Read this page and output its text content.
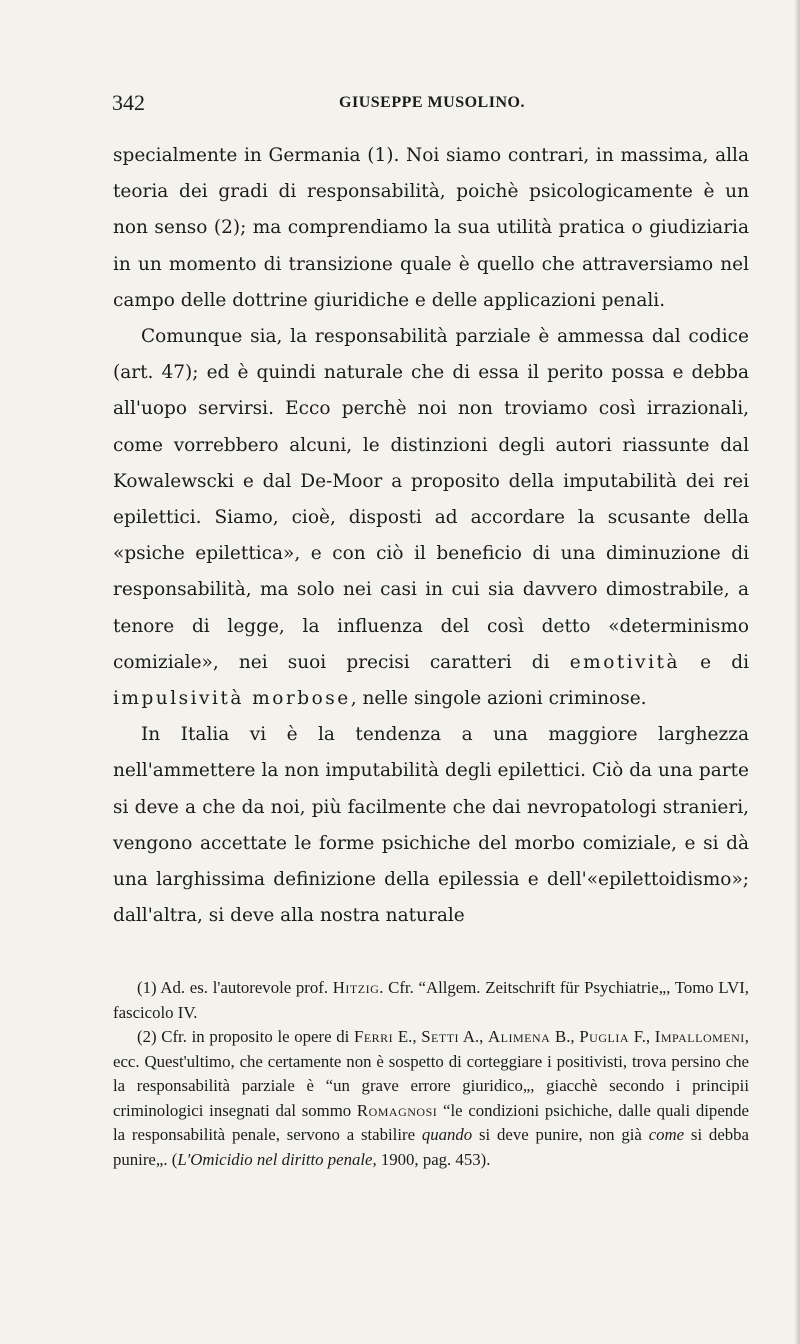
342	GIUSEPPE MUSOLINO.

specialmente in Germania (1). Noi siamo contrari, in massima, alla teoria dei gradi di responsabilità, poichè psicologicamente è un non senso (2); ma comprendiamo la sua utilità pratica o giudiziaria in un momento di transizione quale è quello che attraversiamo nel campo delle dottrine giuridiche e delle applicazioni penali.

Comunque sia, la responsabilità parziale è ammessa dal codice (art. 47); ed è quindi naturale che di essa il perito possa e debba all'uopo servirsi. Ecco perchè noi non troviamo così irrazionali, come vorrebbero alcuni, le distinzioni degli autori riassunte dal Kowalewscki e dal De-Moor a proposito della imputabilità dei rei epilettici. Siamo, cioè, disposti ad accordare la scusante della «psiche epilettica», e con ciò il beneficio di una diminuzione di responsabilità, ma solo nei casi in cui sia davvero dimostrabile, a tenore di legge, la influenza del così detto «determinismo comiziale», nei suoi precisi caratteri di emotività e di impulsività morbose, nelle singole azioni criminose.

In Italia vi è la tendenza a una maggiore larghezza nell'ammettere la non imputabilità degli epilettici. Ciò da una parte si deve a che da noi, più facilmente che dai nevropatologi stranieri, vengono accettate le forme psichiche del morbo comiziale, e si dà una larghissima definizione della epilessia e dell'«epilettoidismo»; dall'altra, si deve alla nostra naturale

(1) Ad. es. l'autorevole prof. Hitzig. Cfr. “Allgem. Zeitschrift für Psychiatrie„, Tomo LVI, fascicolo IV.

(2) Cfr. in proposito le opere di Ferri E., Setti A., Alimena B., Puglia F., Impallomeni, ecc. Quest'ultimo, che certamente non è sospetto di corteggiare i positivisti, trova persino che la responsabilità parziale è “un grave errore giuridico„, giacchè secondo i principii criminologici insegnati dal sommo Romagnosi “le condizioni psichiche, dalle quali dipende la responsabilità penale, servono a stabilire quando si deve punire, non già come si debba punire„. (L'Omicidio nel diritto penale, 1900, pag. 453).
